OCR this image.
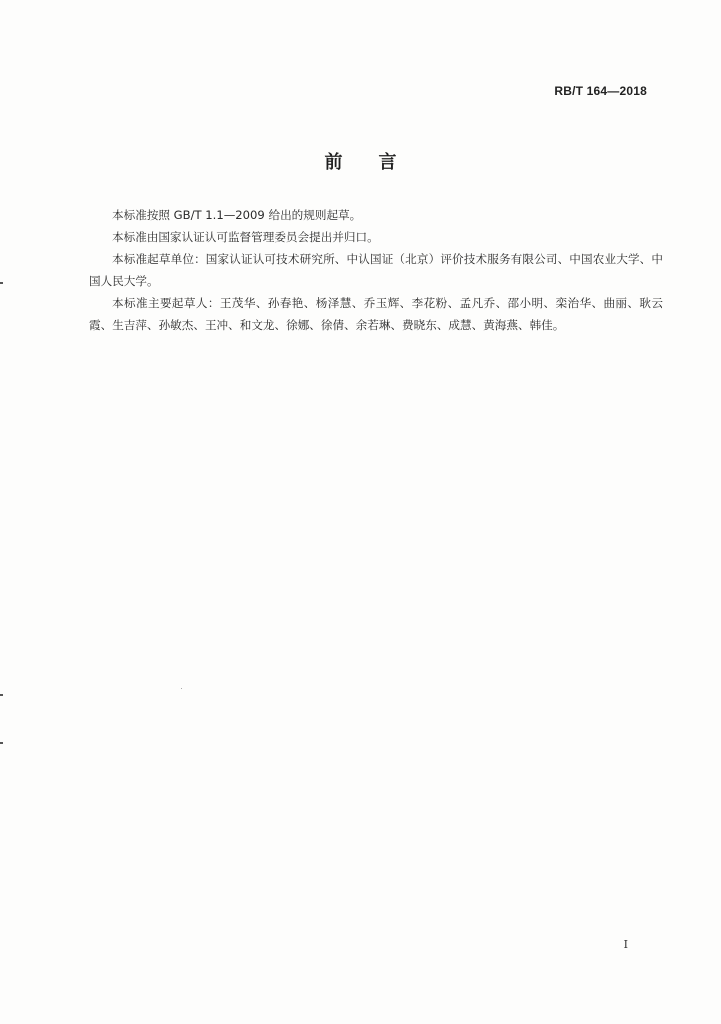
RB/T 164—2018
前言

本标准按照 GB/T 1.1—2009 给出的规则起草。

本标准由国家认证认可监督管理委员会提出并归口。

本标准起草单位：国家认证认可技术研究所、中认国证（北京）评价技术服务有限公司、中国农业大学、中国人民大学。

本标准主要起草人：王茂华、孙春艳、杨泽慧、乔玉辉、李花粉、孟凡乔、邵小明、栾治华、曲丽、耿云霞、生吉萍、孙敏杰、王冲、和文龙、徐娜、徐倩、余若琳、费晓东、成慧、黄海燕、韩佳。

I
